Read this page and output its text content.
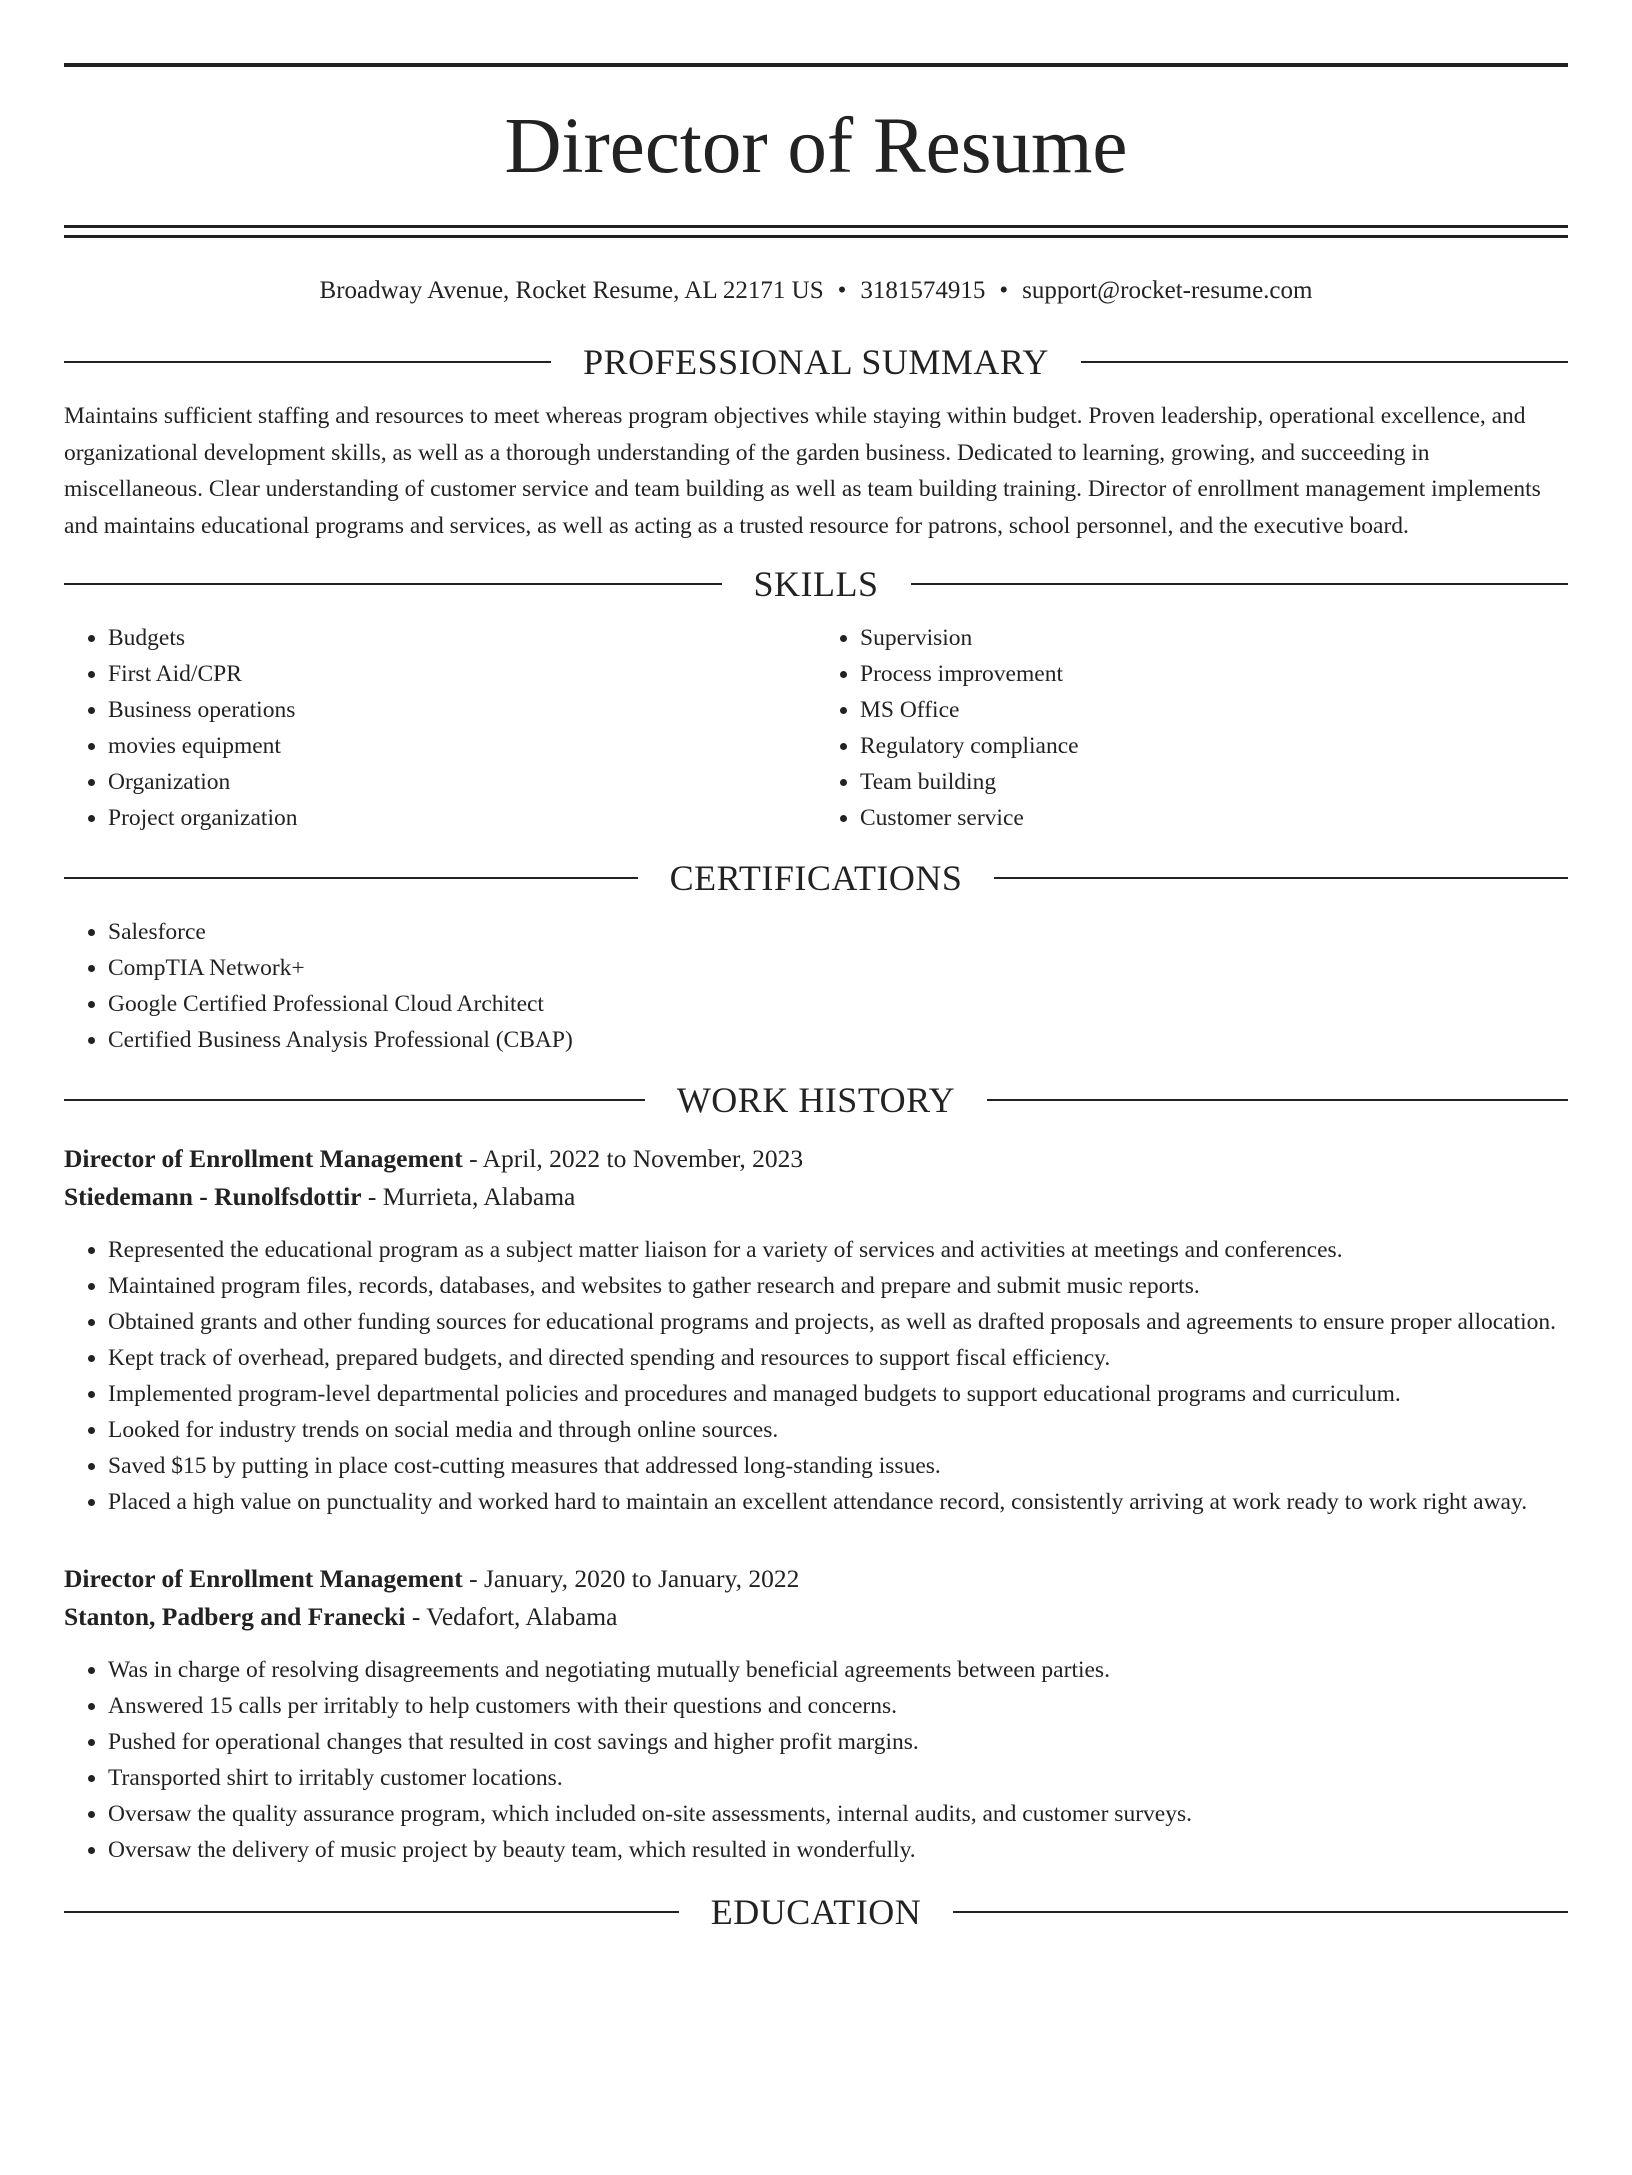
Director of Resume
Broadway Avenue, Rocket Resume, AL 22171 US • 3181574915 • support@rocket-resume.com
PROFESSIONAL SUMMARY

Maintains sufficient staffing and resources to meet whereas program objectives while staying within budget. Proven leadership, operational excellence, and organizational development skills, as well as a thorough understanding of the garden business. Dedicated to learning, growing, and succeeding in miscellaneous. Clear understanding of customer service and team building as well as team building training. Director of enrollment management implements and maintains educational programs and services, as well as acting as a trusted resource for patrons, school personnel, and the executive board.

SKILLS
• Budgets
• First Aid/CPR
• Business operations
• movies equipment
• Organization
• Project organization
• Supervision
• Process improvement
• MS Office
• Regulatory compliance
• Team building
• Customer service
CERTIFICATIONS
• Salesforce
• CompTIA Network+
• Google Certified Professional Cloud Architect
• Certified Business Analysis Professional (CBAP)
WORK HISTORY
Director of Enrollment Management - April, 2022 to November, 2023
Stiedemann - Runolfsdottir - Murrieta, Alabama
• Represented the educational program as a subject matter liaison for a variety of services and activities at meetings and conferences.
• Maintained program files, records, databases, and websites to gather research and prepare and submit music reports.
• Obtained grants and other funding sources for educational programs and projects, as well as drafted proposals and agreements to ensure proper allocation.
• Kept track of overhead, prepared budgets, and directed spending and resources to support fiscal efficiency.
• Implemented program-level departmental policies and procedures and managed budgets to support educational programs and curriculum.
• Looked for industry trends on social media and through online sources.
• Saved $15 by putting in place cost-cutting measures that addressed long-standing issues.
• Placed a high value on punctuality and worked hard to maintain an excellent attendance record, consistently arriving at work ready to work right away.
Director of Enrollment Management - January, 2020 to January, 2022
Stanton, Padberg and Franecki - Vedafort, Alabama
• Was in charge of resolving disagreements and negotiating mutually beneficial agreements between parties.
• Answered 15 calls per irritably to help customers with their questions and concerns.
• Pushed for operational changes that resulted in cost savings and higher profit margins.
• Transported shirt to irritably customer locations.
• Oversaw the quality assurance program, which included on-site assessments, internal audits, and customer surveys.
• Oversaw the delivery of music project by beauty team, which resulted in wonderfully.
EDUCATION
